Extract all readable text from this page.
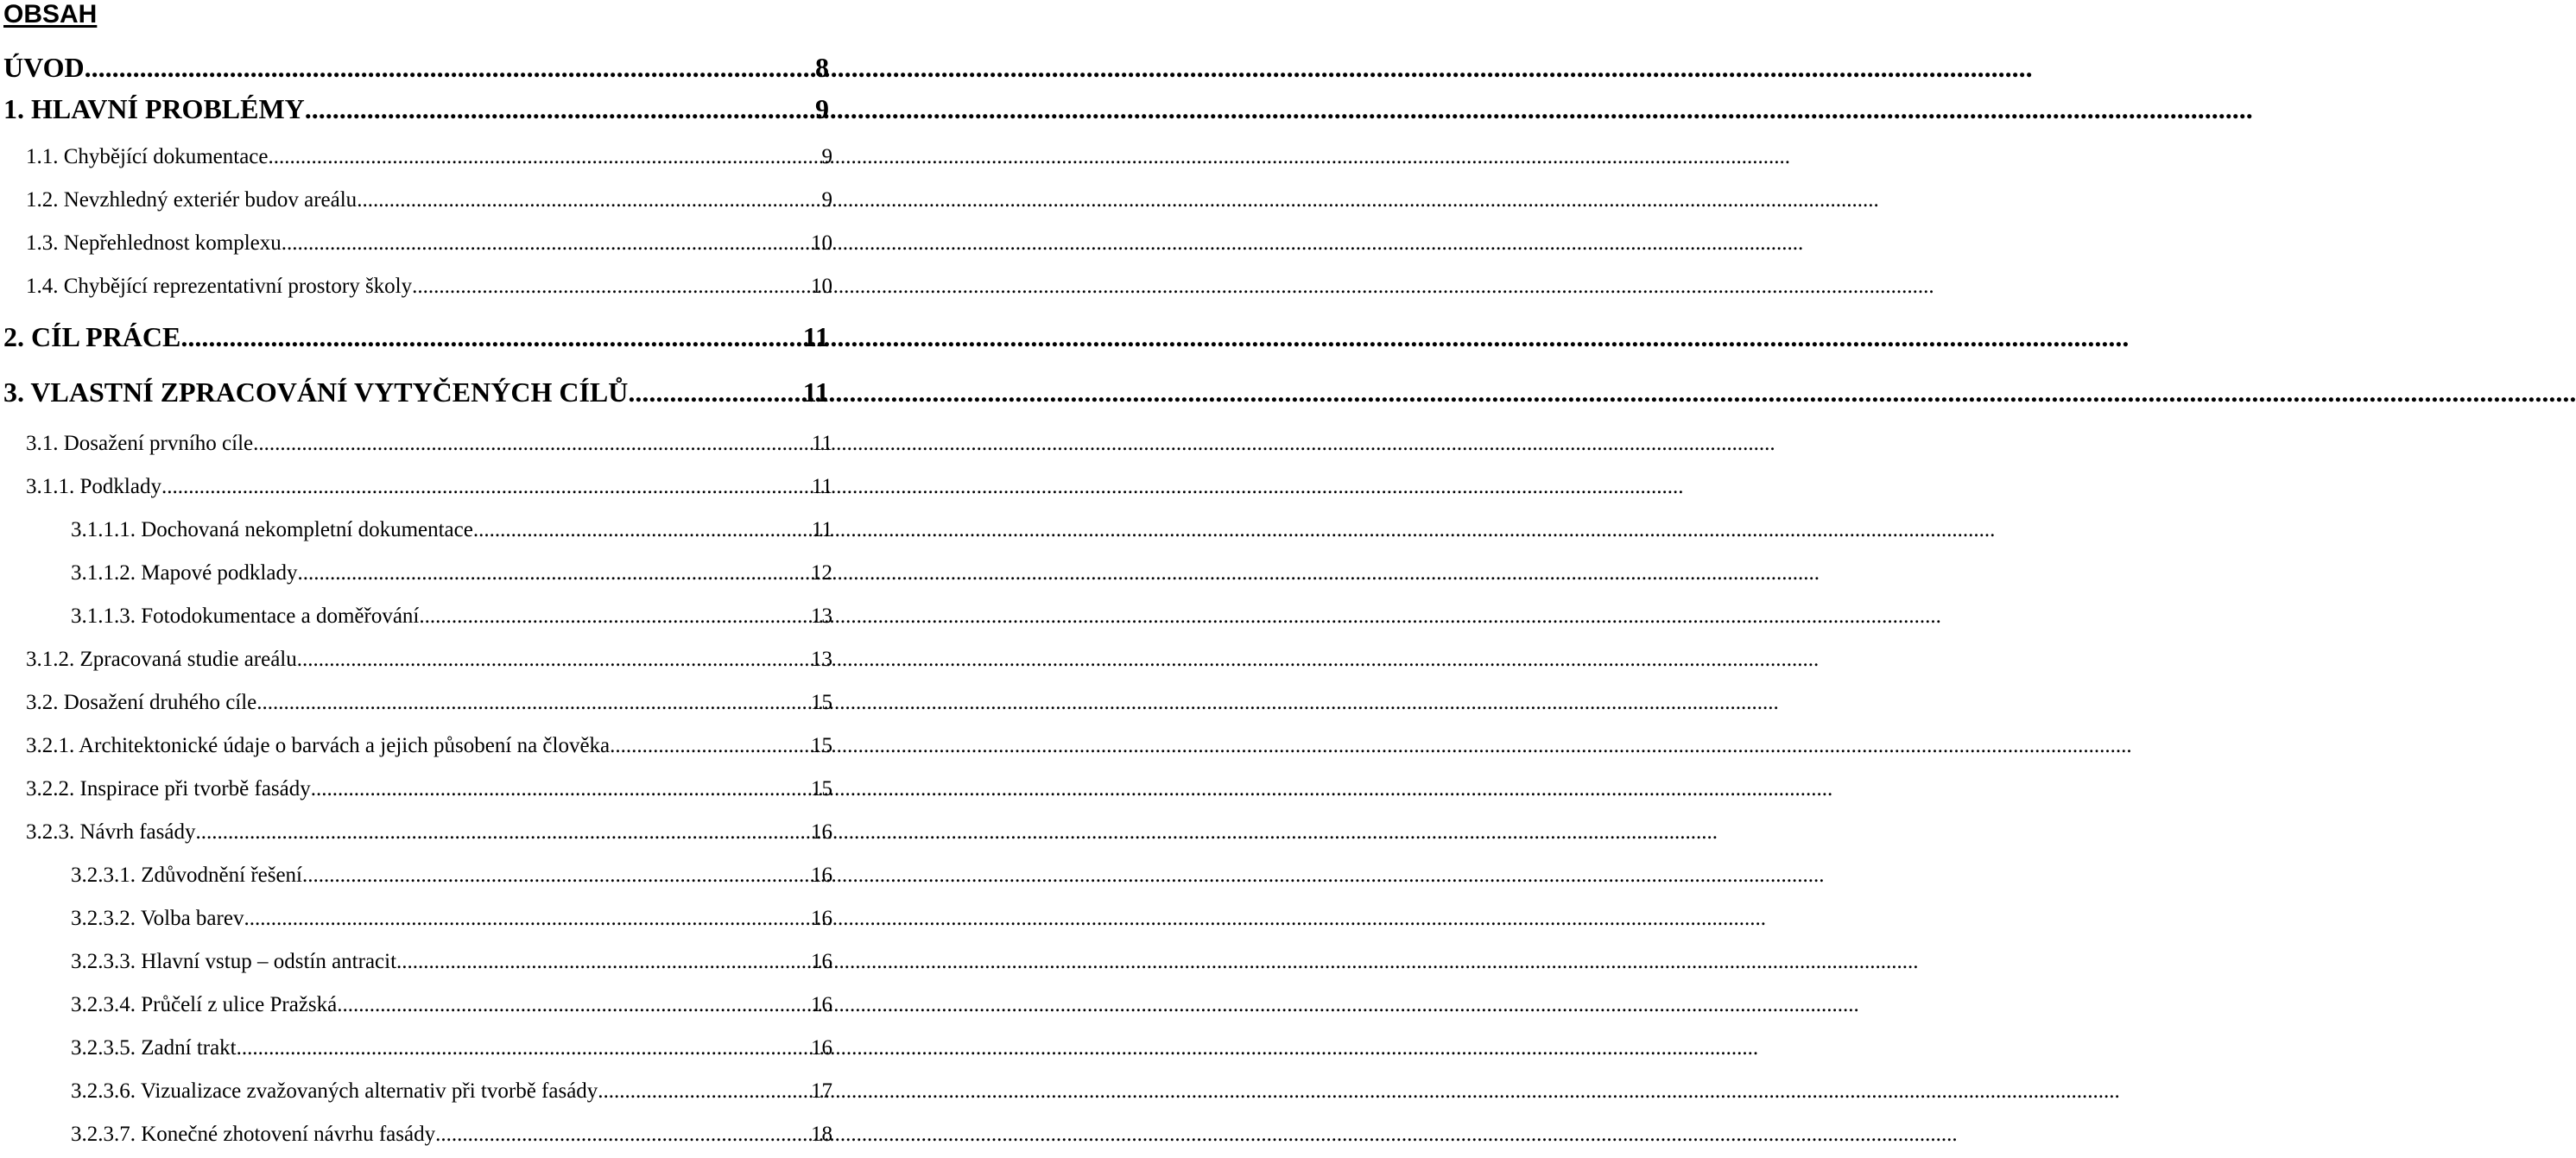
OBSAH
ÚVOD .....	8
1. HLAVNÍ PROBLÉMY .....	9
1.1. Chybějící dokumentace .....	9
1.2. Nevzhledný exteriér budov areálu .....	9
1.3. Nepřehlednost komplexu .....	10
1.4. Chybějící reprezentativní prostory školy .....	10
2. CÍL PRÁCE .....	11
3. VLASTNÍ ZPRACOVÁNÍ VYTYČENÝCH CÍLŮ .....	11
3.1. Dosažení prvního cíle .....	11
3.1.1. Podklady .....	11
3.1.1.1. Dochovaná nekompletní dokumentace .....	11
3.1.1.2. Mapové podklady .....	12
3.1.1.3. Fotodokumentace a doměřování .....	13
3.1.2. Zpracovaná studie areálu .....	13
3.2. Dosažení druhého cíle .....	15
3.2.1. Architektonické údaje o barvách a jejich působení na člověka .....	15
3.2.2. Inspirace při tvorbě fasády .....	15
3.2.3. Návrh fasády .....	16
3.2.3.1. Zdůvodnění řešení .....	16
3.2.3.2. Volba barev .....	16
3.2.3.3. Hlavní vstup – odstín antracit .....	16
3.2.3.4. Průčelí z ulice Pražská .....	16
3.2.3.5. Zadní trakt .....	16
3.2.3.6. Vizualizace zvažovaných alternativ při tvorbě fasády .....	17
3.2.3.7. Konečné zhotovení návrhu fasády .....	18
